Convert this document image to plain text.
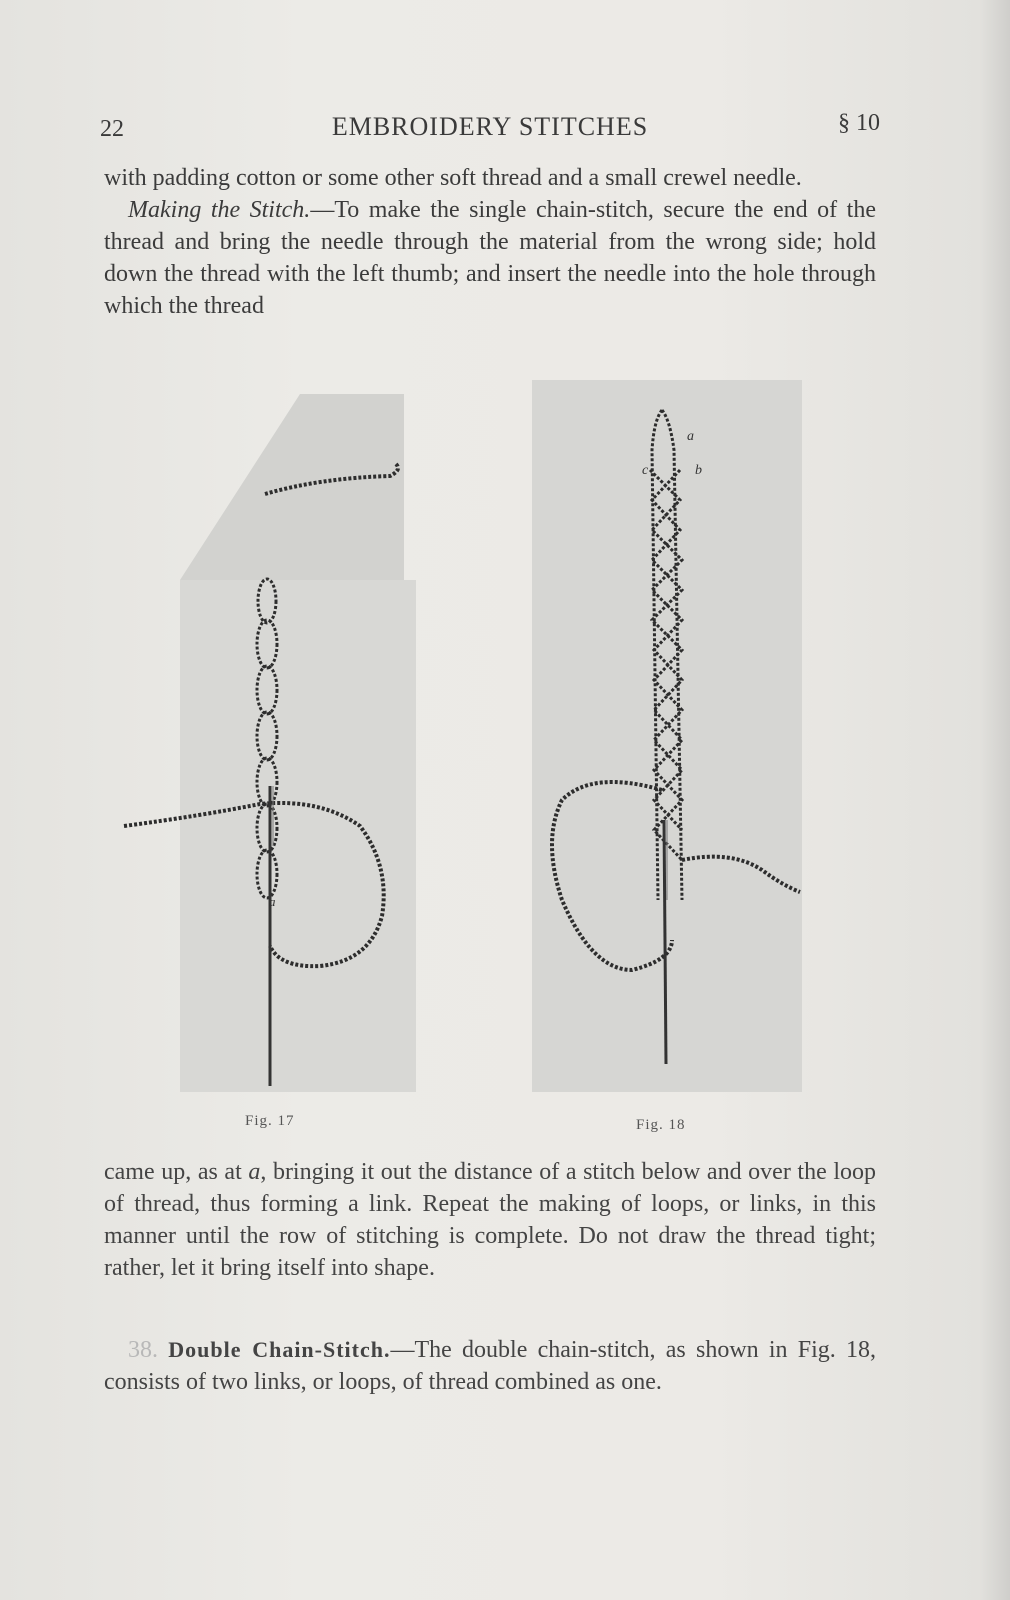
22	EMBROIDERY STITCHES	§ 10
with padding cotton or some other soft thread and a small crewel needle.
 Making the Stitch.—To make the single chain-stitch, secure the end of the thread and bring the needle through the material from the wrong side; hold down the thread with the left thumb; and insert the needle into the hole through which the thread
a
Fig. 17
a
b
c
Fig. 18
came up, as at a, bringing it out the distance of a stitch below and over the loop of thread, thus forming a link. Repeat the making of loops, or links, in this manner until the row of stitching is complete. Do not draw the thread tight; rather, let it bring itself into shape.
 38. Double Chain-Stitch.—The double chain-stitch, as shown in Fig. 18, consists of two links, or loops, of thread combined as one.
